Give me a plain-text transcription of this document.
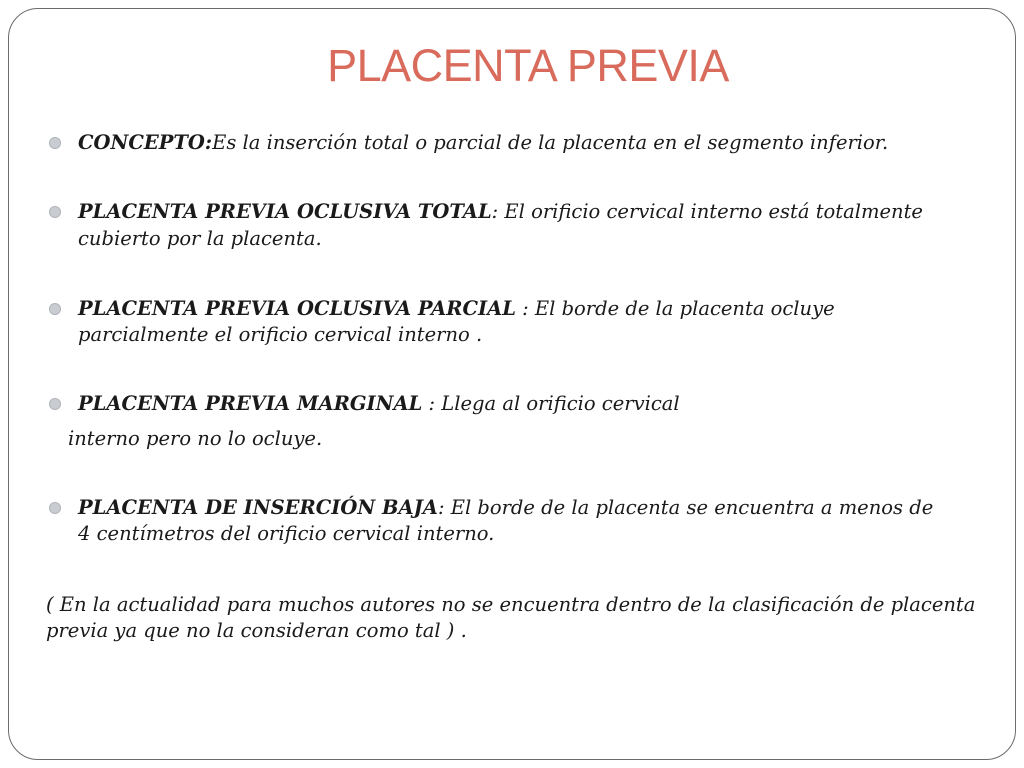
PLACENTA PREVIA
CONCEPTO:Es la inserción total o parcial de la placenta en el segmento inferior.
PLACENTA PREVIA OCLUSIVA TOTAL: El orificio cervical interno está totalmente
cubierto por la placenta.
PLACENTA PREVIA OCLUSIVA PARCIAL : El borde de la placenta ocluye
parcialmente el orificio cervical interno .
PLACENTA PREVIA MARGINAL : Llega al orificio cervical
interno pero no lo ocluye.
PLACENTA DE INSERCIÓN BAJA: El borde de la placenta se encuentra a menos de
4 centímetros del orificio cervical interno.
( En la actualidad para muchos autores no se encuentra dentro de la clasificación de placenta
previa ya que no la consideran como tal ) .
